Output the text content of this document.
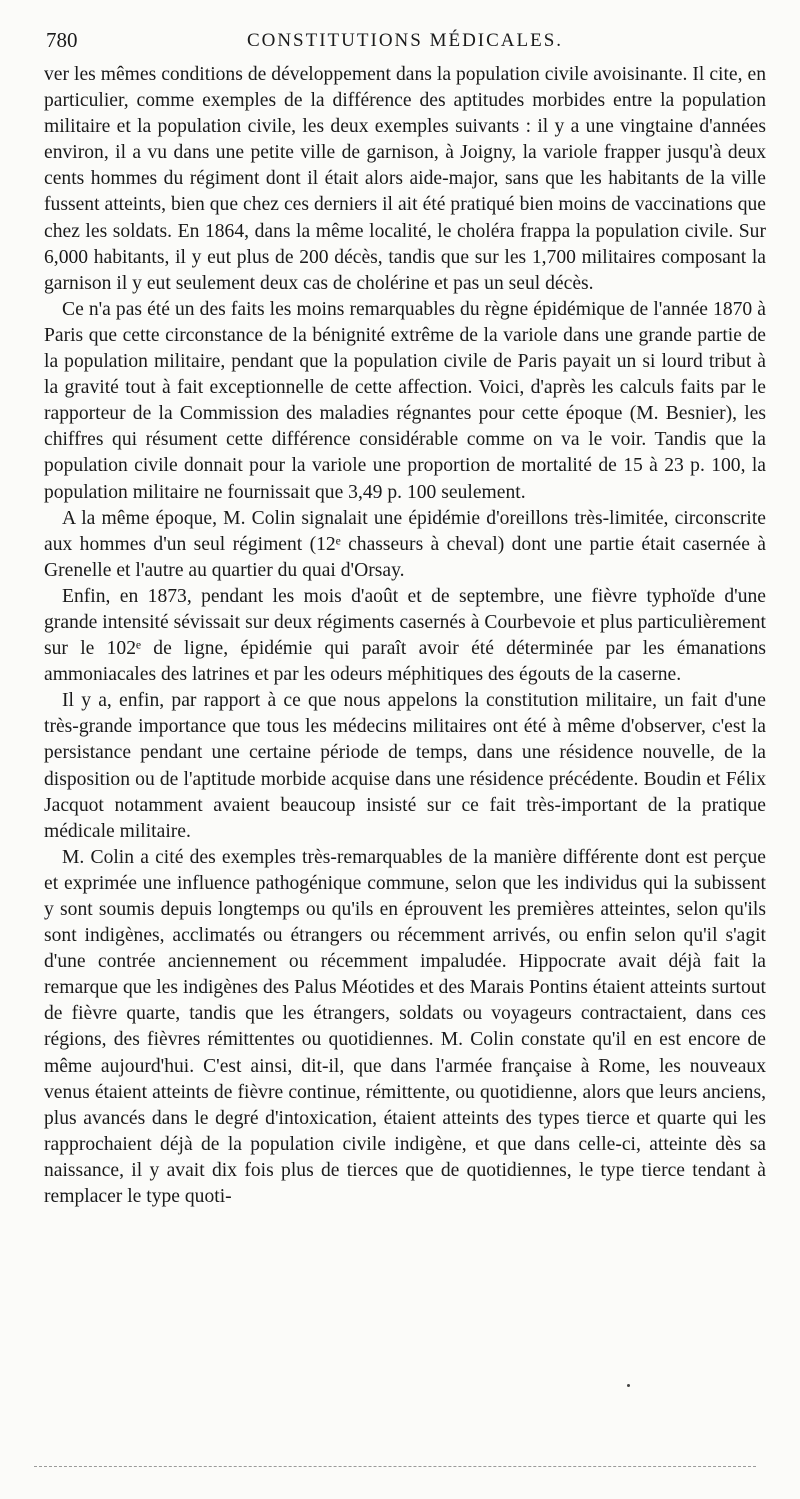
780	CONSTITUTIONS MÉDICALES.

ver les mêmes conditions de développement dans la population civile avoisinante. Il cite, en particulier, comme exemples de la différence des aptitudes morbides entre la population militaire et la population civile, les deux exemples suivants : il y a une vingtaine d'années environ, il a vu dans une petite ville de garnison, à Joigny, la variole frapper jusqu'à deux cents hommes du régiment dont il était alors aide-major, sans que les habitants de la ville fussent atteints, bien que chez ces derniers il ait été pratiqué bien moins de vaccinations que chez les soldats. En 1864, dans la même localité, le choléra frappa la population civile. Sur 6,000 habitants, il y eut plus de 200 décès, tandis que sur les 1,700 militaires composant la garnison il y eut seulement deux cas de cholérine et pas un seul décès.

Ce n'a pas été un des faits les moins remarquables du règne épidémique de l'année 1870 à Paris que cette circonstance de la bénignité extrême de la variole dans une grande partie de la population militaire, pendant que la population civile de Paris payait un si lourd tribut à la gravité tout à fait exceptionnelle de cette affection. Voici, d'après les calculs faits par le rapporteur de la Commission des maladies régnantes pour cette époque (M. Besnier), les chiffres qui résument cette différence considérable comme on va le voir. Tandis que la population civile donnait pour la variole une proportion de mortalité de 15 à 23 p. 100, la population militaire ne fournissait que 3,49 p. 100 seulement.

A la même époque, M. Colin signalait une épidémie d'oreillons très-limitée, circonscrite aux hommes d'un seul régiment (12ᵉ chasseurs à cheval) dont une partie était casernée à Grenelle et l'autre au quartier du quai d'Orsay.

Enfin, en 1873, pendant les mois d'août et de septembre, une fièvre typhoïde d'une grande intensité sévissait sur deux régiments casernés à Courbevoie et plus particulièrement sur le 102ᵉ de ligne, épidémie qui paraît avoir été déterminée par les émanations ammoniacales des latrines et par les odeurs méphitiques des égouts de la caserne.

Il y a, enfin, par rapport à ce que nous appelons la constitution militaire, un fait d'une très-grande importance que tous les médecins militaires ont été à même d'observer, c'est la persistance pendant une certaine période de temps, dans une résidence nouvelle, de la disposition ou de l'aptitude morbide acquise dans une résidence précédente. Boudin et Félix Jacquot notamment avaient beaucoup insisté sur ce fait très-important de la pratique médicale militaire.

M. Colin a cité des exemples très-remarquables de la manière différente dont est perçue et exprimée une influence pathogénique commune, selon que les individus qui la subissent y sont soumis depuis longtemps ou qu'ils en éprouvent les premières atteintes, selon qu'ils sont indigènes, acclimatés ou étrangers ou récemment arrivés, ou enfin selon qu'il s'agit d'une contrée anciennement ou récemment impaludée. Hippocrate avait déjà fait la remarque que les indigènes des Palus Méotides et des Marais Pontins étaient atteints surtout de fièvre quarte, tandis que les étrangers, soldats ou voyageurs contractaient, dans ces régions, des fièvres rémittentes ou quotidiennes. M. Colin constate qu'il en est encore de même aujourd'hui. C'est ainsi, dit-il, que dans l'armée française à Rome, les nouveaux venus étaient atteints de fièvre continue, rémittente, ou quotidienne, alors que leurs anciens, plus avancés dans le degré d'intoxication, étaient atteints des types tierce et quarte qui les rapprochaient déjà de la population civile indigène, et que dans celle-ci, atteinte dès sa naissance, il y avait dix fois plus de tierces que de quotidiennes, le type tierce tendant à remplacer le type quoti-
